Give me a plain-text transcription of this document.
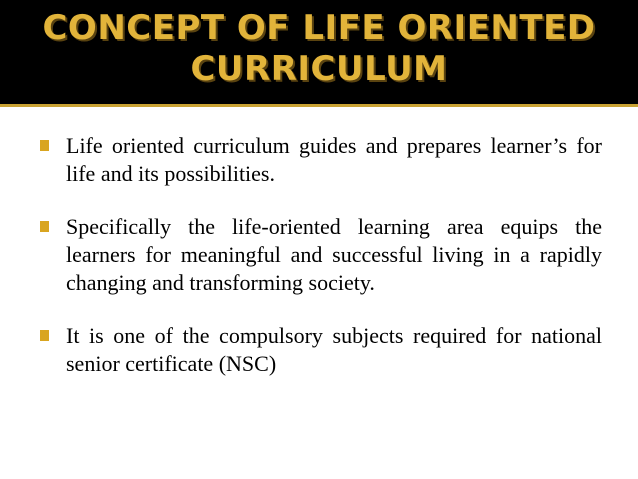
CONCEPT OF LIFE ORIENTED
CURRICULUM
Life oriented curriculum guides and prepares learner’s for life and its possibilities.
Specifically the life-oriented learning area equips the learners for meaningful and successful living in a rapidly changing and transforming society.
It is one of the compulsory subjects required for national senior certificate (NSC)
